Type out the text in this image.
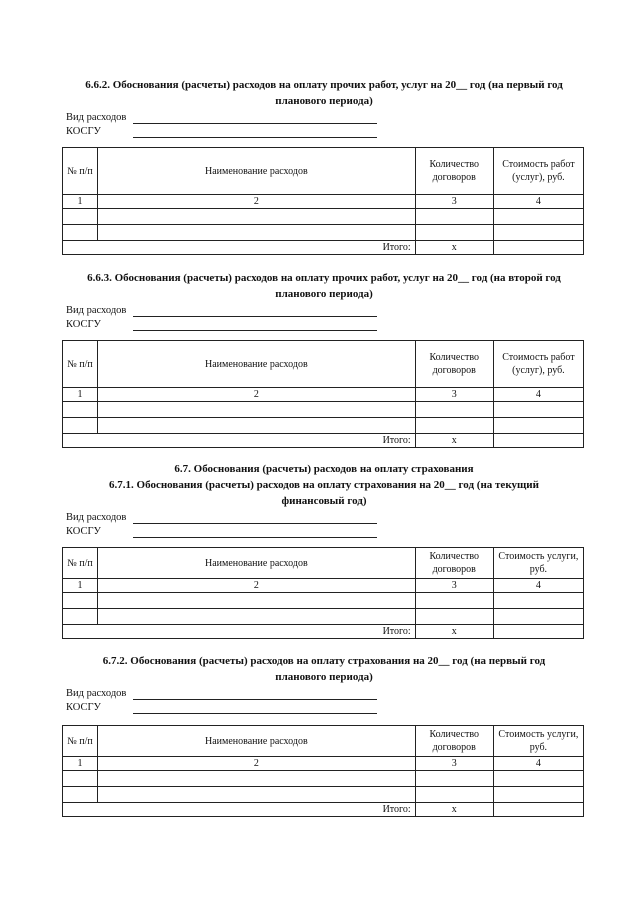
6.6.2. Обоснования (расчеты) расходов на оплату прочих работ, услуг на 20__ год (на первый год планового периода)

Вид расходов
КОСГУ
№ п/п	Наименование расходов	Количество договоров	Стоимость работ (услуг), руб.
1	2	3	4

Итого:		х	

6.6.3. Обоснования (расчеты) расходов на оплату прочих работ, услуг на 20__ год (на второй год планового периода)

Вид расходов
КОСГУ
№ п/п	Наименование расходов	Количество договоров	Стоимость работ (услуг), руб.
1	2	3	4

Итого:		х	

6.7. Обоснования (расчеты) расходов на оплату страхования

6.7.1. Обоснования (расчеты) расходов на оплату страхования на 20__ год (на текущий финансовый год)

Вид расходов
КОСГУ
№ п/п	Наименование расходов	Количество договоров	Стоимость услуги, руб.
1	2	3	4

Итого:		х	

6.7.2. Обоснования (расчеты) расходов на оплату страхования на 20__ год (на первый год планового периода)

Вид расходов
КОСГУ
№ п/п	Наименование расходов	Количество договоров	Стоимость услуги, руб.
1	2	3	4

Итого:		х	
